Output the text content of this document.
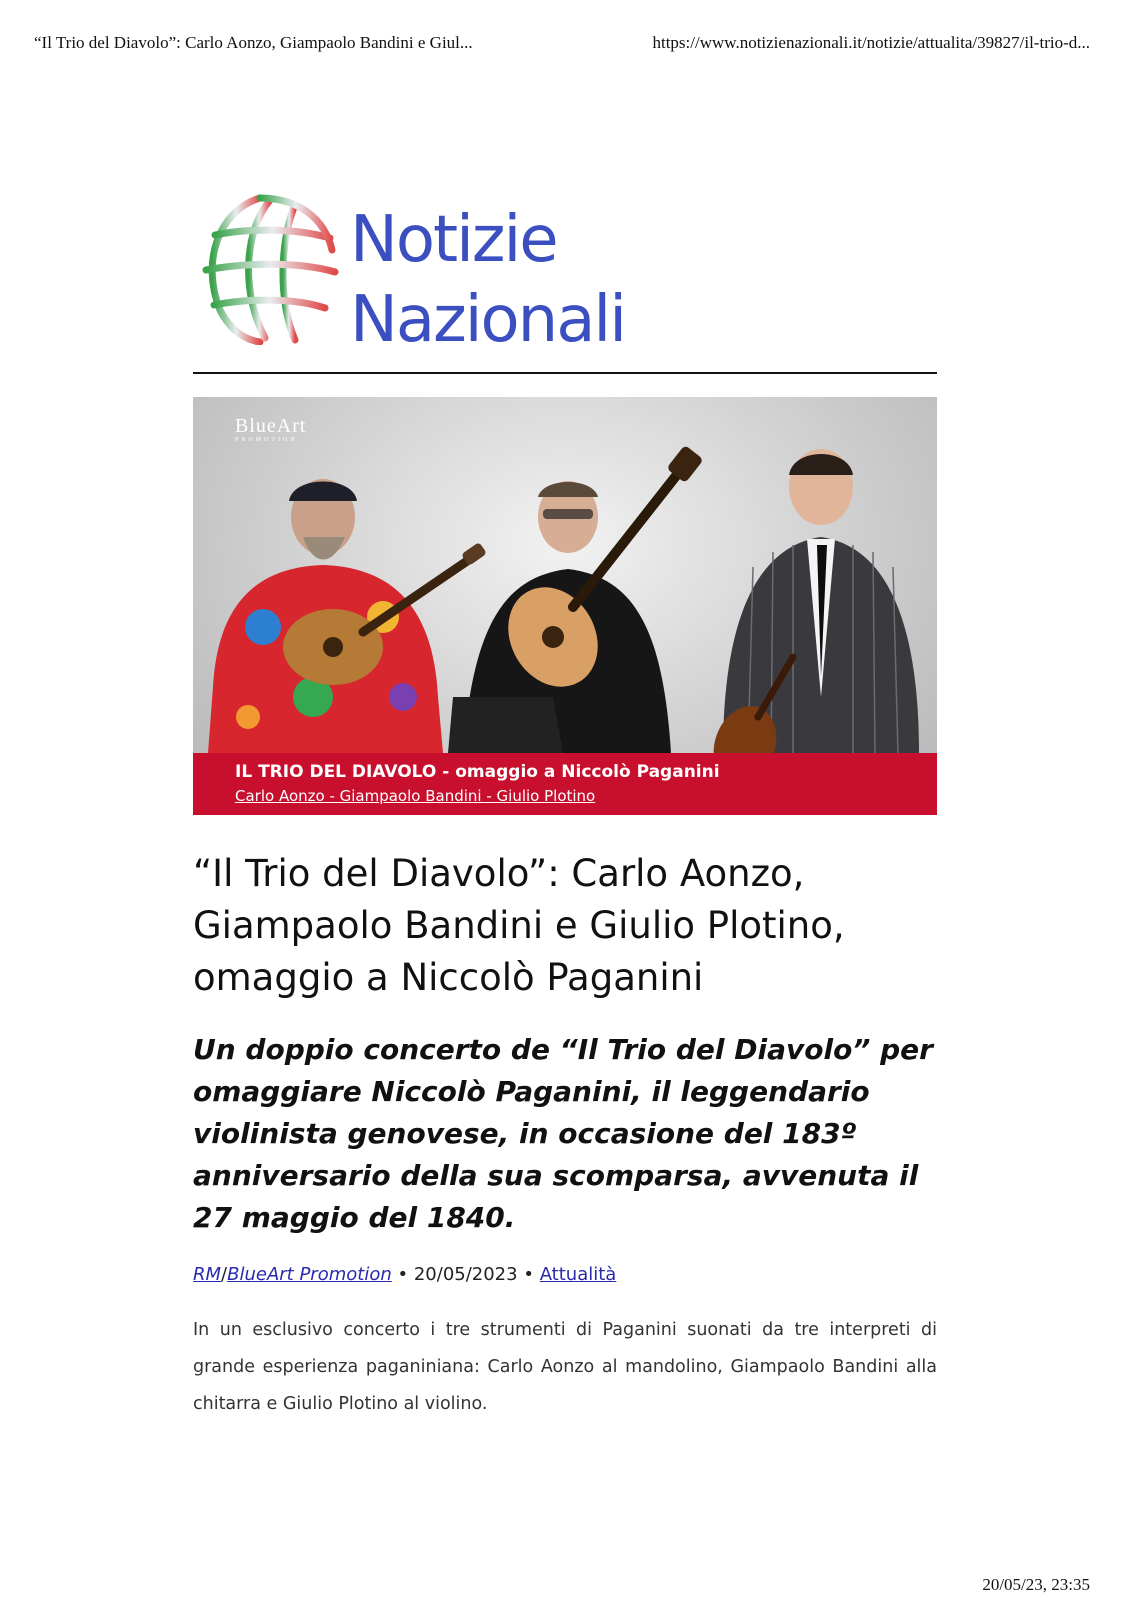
“Il Trio del Diavolo”: Carlo Aonzo, Giampaolo Bandini e Giul...	https://www.notizienazionali.it/notizie/attualita/39827/il-trio-d...
Notizie
Nazionali
BlueArt
PROMOTION
IL TRIO DEL DIAVOLO - omaggio a Niccolò Paganini
Carlo Aonzo - Giampaolo Bandini - Giulio Plotino
“Il Trio del Diavolo”: Carlo Aonzo, Giampaolo Bandini e Giulio Plotino, omaggio a Niccolò Paganini
Un doppio concerto de “Il Trio del Diavolo” per omaggiare Niccolò Paganini, il leggendario violinista genovese, in occasione del 183º anniversario della sua scomparsa, avvenuta il 27 maggio del 1840.
RM/BlueArt Promotion • 20/05/2023 • Attualità

In un esclusivo concerto i tre strumenti di Paganini suonati da tre interpreti di grande esperienza paganiniana: Carlo Aonzo al mandolino, Giampaolo Bandini alla chitarra e Giulio Plotino al violino.

20/05/23, 23:35
